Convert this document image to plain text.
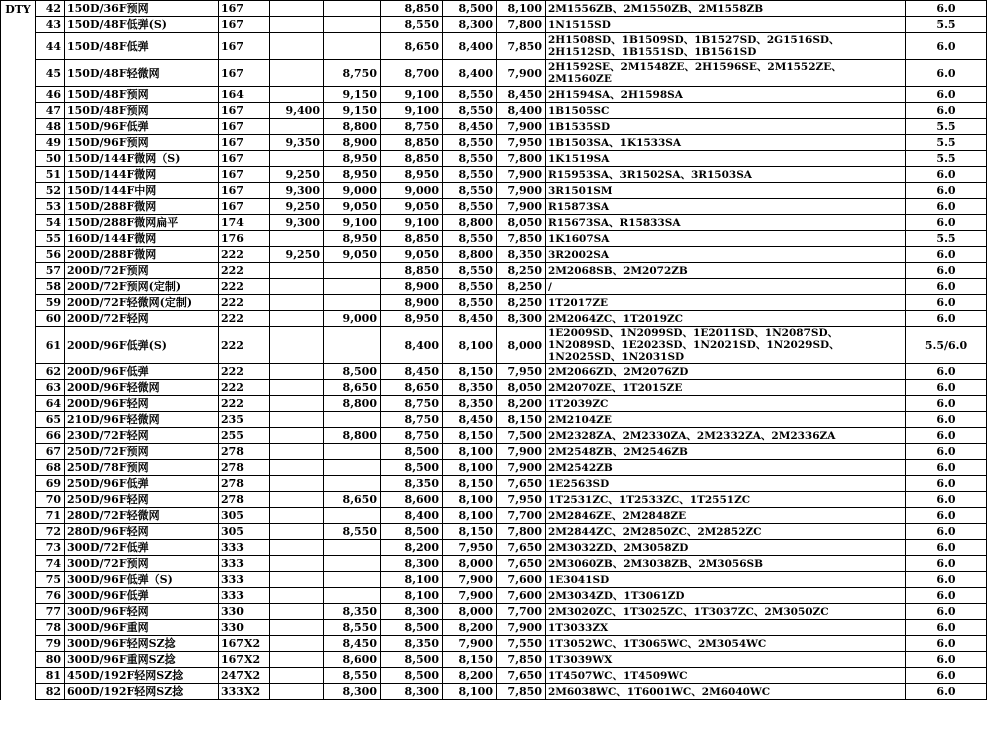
DTY	42	150D/36F预网	167			8,850	8,500	8,100	2M1556ZB、2M1550ZB、2M1558ZB	6.0
	43	150D/48F低弹(S)	167			8,550	8,300	7,800	1N1515SD	5.5
	44	150D/48F低弹	167			8,650	8,400	7,850	2H1508SD、1B1509SD、1B1527SD、2G1516SD、2H1512SD、1B1551SD、1B1561SD	6.0
	45	150D/48F轻微网	167		8,750	8,700	8,400	7,900	2H1592SE、2M1548ZE、2H1596SE、2M1552ZE、2M1560ZE	6.0
	46	150D/48F预网	164		9,150	9,100	8,550	8,450	2H1594SA、2H1598SA	6.0
	47	150D/48F预网	167	9,400	9,150	9,100	8,550	8,400	1B1505SC	6.0
	48	150D/96F低弹	167		8,800	8,750	8,450	7,900	1B1535SD	5.5
	49	150D/96F预网	167	9,350	8,900	8,850	8,550	7,950	1B1503SA、1K1533SA	5.5
	50	150D/144F微网（S)	167		8,950	8,850	8,550	7,800	1K1519SA	5.5
	51	150D/144F微网	167	9,250	8,950	8,950	8,550	7,900	R15953SA、3R1502SA、3R1503SA	6.0
	52	150D/144F中网	167	9,300	9,000	9,000	8,550	7,900	3R1501SM	6.0
	53	150D/288F微网	167	9,250	9,050	9,050	8,550	7,900	R15873SA	6.0
	54	150D/288F微网扁平	174	9,300	9,100	9,100	8,800	8,050	R15673SA、R15833SA	6.0
	55	160D/144F微网	176		8,950	8,850	8,550	7,850	1K1607SA	5.5
	56	200D/288F微网	222	9,250	9,050	9,050	8,800	8,350	3R2002SA	6.0
	57	200D/72F预网	222			8,850	8,550	8,250	2M2068SB、2M2072ZB	6.0
	58	200D/72F预网(定制)	222			8,900	8,550	8,250	/	6.0
	59	200D/72F轻微网(定制)	222			8,900	8,550	8,250	1T2017ZE	6.0
	60	200D/72F轻网	222		9,000	8,950	8,450	8,300	2M2064ZC、1T2019ZC	6.0
	61	200D/96F低弹(S)	222			8,400	8,100	8,000	1E2009SD、1N2099SD、1E2011SD、1N2087SD、1N2089SD、1E2023SD、1N2021SD、1N2029SD、1N2025SD、1N2031SD	5.5/6.0
	62	200D/96F低弹	222		8,500	8,450	8,150	7,950	2M2066ZD、2M2076ZD	6.0
	63	200D/96F轻微网	222		8,650	8,650	8,350	8,050	2M2070ZE、1T2015ZE	6.0
	64	200D/96F轻网	222		8,800	8,750	8,350	8,200	1T2039ZC	6.0
	65	210D/96F轻微网	235			8,750	8,450	8,150	2M2104ZE	6.0
	66	230D/72F轻网	255		8,800	8,750	8,150	7,500	2M2328ZA、2M2330ZA、2M2332ZA、2M2336ZA	6.0
	67	250D/72F预网	278			8,500	8,100	7,900	2M2548ZB、2M2546ZB	6.0
	68	250D/78F预网	278			8,500	8,100	7,900	2M2542ZB	6.0
	69	250D/96F低弹	278			8,350	8,150	7,650	1E2563SD	6.0
	70	250D/96F轻网	278		8,650	8,600	8,100	7,950	1T2531ZC、1T2533ZC、1T2551ZC	6.0
	71	280D/72F轻微网	305			8,400	8,100	7,700	2M2846ZE、2M2848ZE	6.0
	72	280D/96F轻网	305		8,550	8,500	8,150	7,800	2M2844ZC、2M2850ZC、2M2852ZC	6.0
	73	300D/72F低弹	333			8,200	7,950	7,650	2M3032ZD、2M3058ZD	6.0
	74	300D/72F预网	333			8,300	8,000	7,650	2M3060ZB、2M3038ZB、2M3056SB	6.0
	75	300D/96F低弹（S)	333			8,100	7,900	7,600	1E3041SD	6.0
	76	300D/96F低弹	333			8,100	7,900	7,600	2M3034ZD、1T3061ZD	6.0
	77	300D/96F轻网	330		8,350	8,300	8,000	7,700	2M3020ZC、1T3025ZC、1T3037ZC、2M3050ZC	6.0
	78	300D/96F重网	330		8,550	8,500	8,200	7,900	1T3033ZX	6.0
	79	300D/96F轻网SZ捻	167X2		8,450	8,350	7,900	7,550	1T3052WC、1T3065WC、2M3054WC	6.0
	80	300D/96F重网SZ捻	167X2		8,600	8,500	8,150	7,850	1T3039WX	6.0
	81	450D/192F轻网SZ捻	247X2		8,550	8,500	8,200	7,650	1T4507WC、1T4509WC	6.0
	82	600D/192F轻网SZ捻	333X2		8,300	8,300	8,100	7,850	2M6038WC、1T6001WC、2M6040WC	6.0
